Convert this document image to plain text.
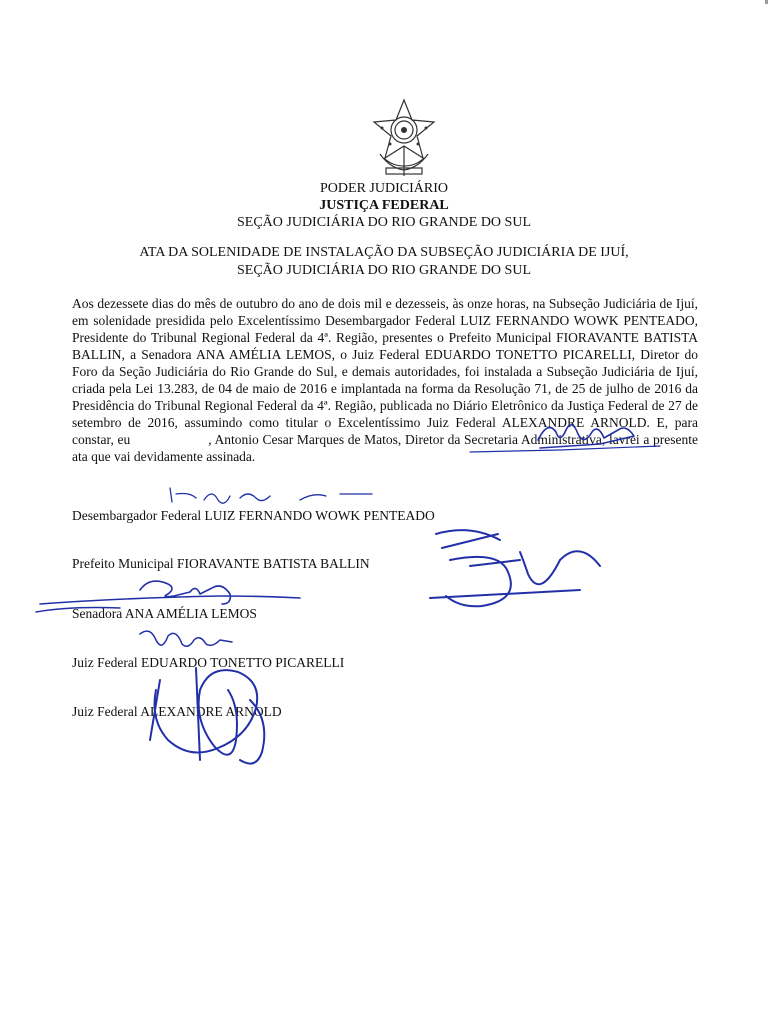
PODER JUDICIÁRIO
JUSTIÇA FEDERAL
SEÇÃO JUDICIÁRIA DO RIO GRANDE DO SUL
ATA DA SOLENIDADE DE INSTALAÇÃO DA SUBSEÇÃO JUDICIÁRIA DE IJUÍ,
SEÇÃO JUDICIÁRIA DO RIO GRANDE DO SUL
Aos dezessete dias do mês de outubro do ano de dois mil e dezesseis, às onze horas, na Subseção Judiciária de Ijuí, em solenidade presidida pelo Excelentíssimo Desembargador Federal LUIZ FERNANDO WOWK PENTEADO, Presidente do Tribunal Regional Federal da 4ª. Região, presentes o Prefeito Municipal FIORAVANTE BATISTA BALLIN, a Senadora ANA AMÉLIA LEMOS, o Juiz Federal EDUARDO TONETTO PICARELLI, Diretor do Foro da Seção Judiciária do Rio Grande do Sul, e demais autoridades, foi instalada a Subseção Judiciária de Ijuí, criada pela Lei 13.283, de 04 de maio de 2016 e implantada na forma da Resolução 71, de 25 de julho de 2016 da Presidência do Tribunal Regional Federal da 4ª. Região, publicada no Diário Eletrônico da Justiça Federal de 27 de setembro de 2016, assumindo como titular o Excelentíssimo Juiz Federal ALEXANDRE ARNOLD. E, para constar, eu	, Antonio Cesar Marques de Matos, Diretor da Secretaria Administrativa, lavrei a presente ata que vai devidamente assinada.
Desembargador Federal LUIZ FERNANDO WOWK PENTEADO
Prefeito Municipal FIORAVANTE BATISTA BALLIN
Senadora ANA AMÉLIA LEMOS
Juiz Federal EDUARDO TONETTO PICARELLI
Juiz Federal ALEXANDRE ARNOLD
